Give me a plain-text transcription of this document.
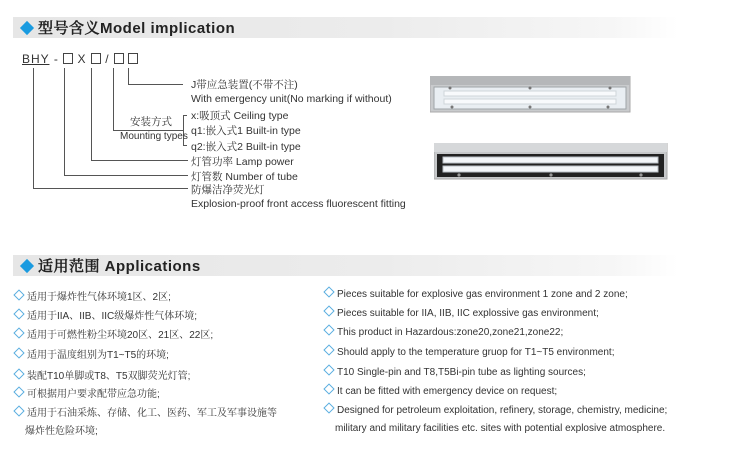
型号含义Model implication
BHY - X /
J带应急装置(不带不注)
With emergency unit(No marking if without)
安装方式
Mounting types
x:吸顶式 Ceiling type
q1:嵌入式1 Built-in type
q2:嵌入式2 Built-in type
灯管功率 Lamp power
灯管数 Number of tube
防爆洁净荧光灯
Explosion-proof front access fluorescent fitting
适用范围 Applications
适用于爆炸性气体环境1区、2区;
适用于IIA、IIB、IIC级爆炸性气体环境;
适用于可燃性粉尘环境20区、21区、22区;
适用于温度组别为T1~T5的环境;
装配T10单脚或T8、T5双脚荧光灯管;
可根据用户要求配带应急功能;
适用于石油采炼、存储、化工、医药、军工及军事设施等
爆炸性危险环境;
Pieces suitable for explosive gas environment 1 zone and 2 zone;
Pieces suitable for IIA, IIB, IIC explossive gas environment;
This product in Hazardous:zone20,zone21,zone22;
Should apply to the temperature gruop for T1~T5 environment;
T10 Single-pin and T8,T5Bi-pin tube as lighting sources;
It can be fitted with emergency device on request;
Designed for petroleum exploitation, refinery, storage, chemistry, medicine;
military and military facilities etc. sites with potential explosive atmosphere.
